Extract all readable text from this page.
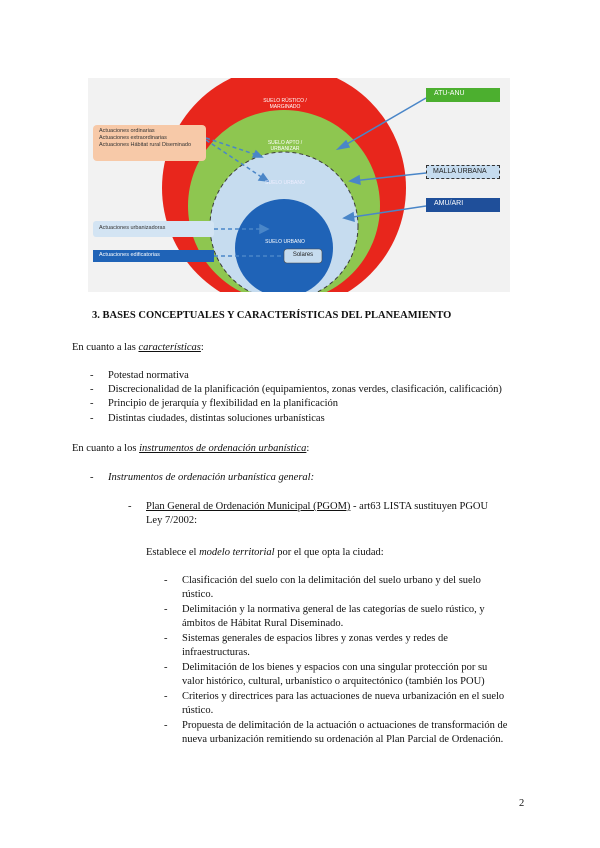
SUELO RÚSTICO / MARGINADO
SUELO APTO / URBANIZAR
SUELO URBANO
SUELO URBANO
Solares
Actuaciones ordinarias
Actuaciones extraordinarias
Actuaciones Hábitat rural Diseminado
Actuaciones urbanizadoras
Actuaciones edificatorias
ATU-ANU
MALLA URBANA
AMU/ARI
3. BASES CONCEPTUALES Y CARACTERÍSTICAS DEL PLANEAMIENTO
En cuanto a las características:
- Potestad normativa
- Discrecionalidad de la planificación (equipamientos, zonas verdes, clasificación, calificación)
- Principio de jerarquía y flexibilidad en la planificación
- Distintas ciudades, distintas soluciones urbanísticas
En cuanto a los instrumentos de ordenación urbanística:
- Instrumentos de ordenación urbanística general:
- Plan General de Ordenación Municipal (PGOM) - art63 LISTA sustituyen PGOU
Ley 7/2002:
Establece el modelo territorial por el que opta la ciudad:
- Clasificación del suelo con la delimitación del suelo urbano y del suelo
rústico.
- Delimitación y la normativa general de las categorías de suelo rústico, y
ámbitos de Hábitat Rural Diseminado.
- Sistemas generales de espacios libres y zonas verdes y redes de
infraestructuras.
- Delimitación de los bienes y espacios con una singular protección por su
valor histórico, cultural, urbanístico o arquitectónico (también los POU)
- Criterios y directrices para las actuaciones de nueva urbanización en el suelo
rústico.
- Propuesta de delimitación de la actuación o actuaciones de transformación de
nueva urbanización remitiendo su ordenación al Plan Parcial de Ordenación.
2
